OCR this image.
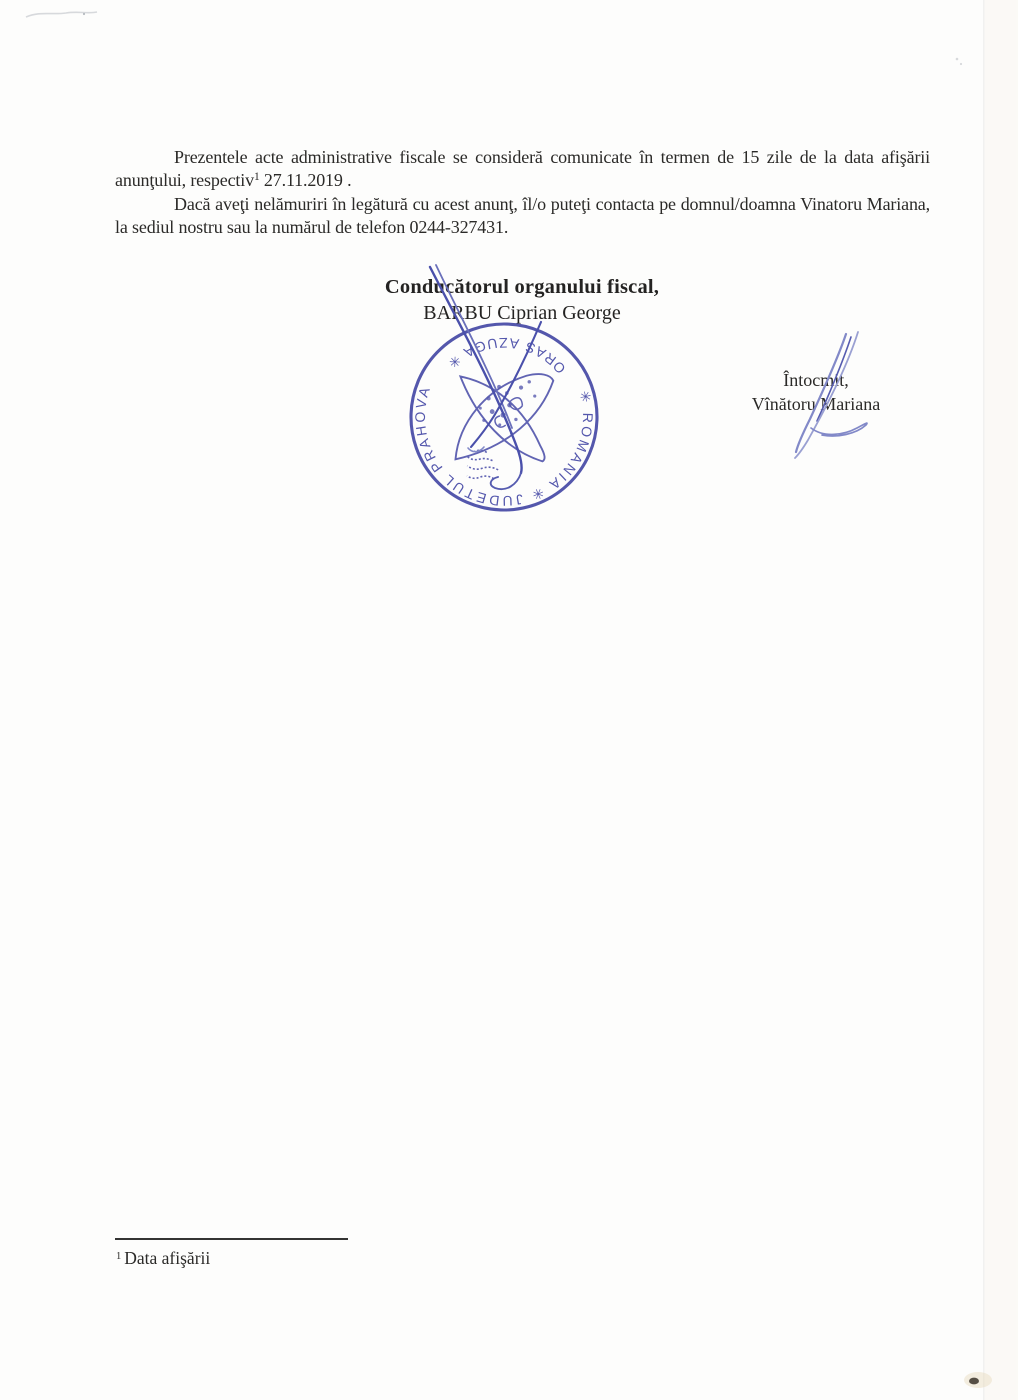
Prezentele acte administrative fiscale se consideră comunicate în termen de 15 zile de la data afişării anunţului, respectiv$^1$ 27.11.2019 .

Dacă aveţi nelămuriri în legătură cu acest anunţ, îl/o puteţi contacta pe domnul/doamna Vinatoru Mariana, la sediul nostru sau la numărul de telefon 0244-327431.

Conducătorul organului fiscal,
BARBU Ciprian George
Întocmit,
Vînătoru Mariana
✳ ROMANIA ✳ JUDETUL PRAHOVA
ORAS AZUGA ✳
$^1$ Data afişării
